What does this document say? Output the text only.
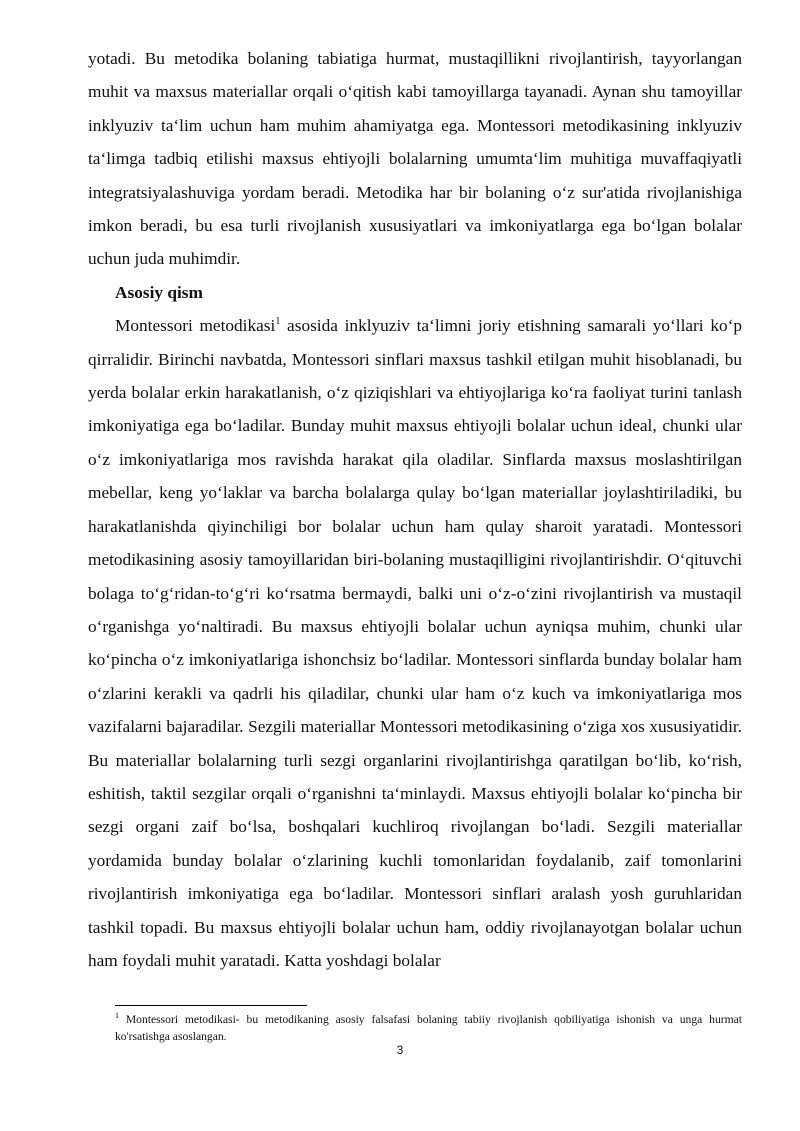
yotadi. Bu metodika bolaning tabiatiga hurmat, mustaqillikni rivojlantirish, tayyorlangan muhit va maxsus materiallar orqali o‘qitish kabi tamoyillarga tayanadi. Aynan shu tamoyillar inklyuziv ta‘lim uchun ham muhim ahamiyatga ega. Montessori metodikasining inklyuziv ta‘limga tadbiq etilishi maxsus ehtiyojli bolalarning umumta‘lim muhitiga muvaffaqiyatli integratsiyalashuviga yordam beradi. Metodika har bir bolaning o‘z sur'atida rivojlanishiga imkon beradi, bu esa turli rivojlanish xususiyatlari va imkoniyatlarga ega bo‘lgan bolalar uchun juda muhimdir.

Asosiy qism

Montessori metodikasi$^1$ asosida inklyuziv ta‘limni joriy etishning samarali yo‘llari ko‘p qirralidir. Birinchi navbatda, Montessori sinflari maxsus tashkil etilgan muhit hisoblanadi, bu yerda bolalar erkin harakatlanish, o‘z qiziqishlari va ehtiyojlariga ko‘ra faoliyat turini tanlash imkoniyatiga ega bo‘ladilar. Bunday muhit maxsus ehtiyojli bolalar uchun ideal, chunki ular o‘z imkoniyatlariga mos ravishda harakat qila oladilar. Sinflarda maxsus moslashtirilgan mebellar, keng yo‘laklar va barcha bolalarga qulay bo‘lgan materiallar joylashtiriladiki, bu harakatlanishda qiyinchiligi bor bolalar uchun ham qulay sharoit yaratadi. Montessori metodikasining asosiy tamoyillaridan biri-bolaning mustaqilligini rivojlantirishdir. O‘qituvchi bolaga to‘g‘ridan-to‘g‘ri ko‘rsatma bermaydi, balki uni o‘z-o‘zini rivojlantirish va mustaqil o‘rganishga yo‘naltiradi. Bu maxsus ehtiyojli bolalar uchun ayniqsa muhim, chunki ular ko‘pincha o‘z imkoniyatlariga ishonchsiz bo‘ladilar. Montessori sinflarda bunday bolalar ham o‘zlarini kerakli va qadrli his qiladilar, chunki ular ham o‘z kuch va imkoniyatlariga mos vazifalarni bajaradilar. Sezgili materiallar Montessori metodikasining o‘ziga xos xususiyatidir. Bu materiallar bolalarning turli sezgi organlarini rivojlantirishga qaratilgan bo‘lib, ko‘rish, eshitish, taktil sezgilar orqali o‘rganishni ta‘minlaydi. Maxsus ehtiyojli bolalar ko‘pincha bir sezgi organi zaif bo‘lsa, boshqalari kuchliroq rivojlangan bo‘ladi. Sezgili materiallar yordamida bunday bolalar o‘zlarining kuchli tomonlaridan foydalanib, zaif tomonlarini rivojlantirish imkoniyatiga ega bo‘ladilar. Montessori sinflari aralash yosh guruhlaridan tashkil topadi. Bu maxsus ehtiyojli bolalar uchun ham, oddiy rivojlanayotgan bolalar uchun ham foydali muhit yaratadi. Katta yoshdagi bolalar

$^1$ Montessori metodikasi- bu metodikaning asosiy falsafasi bolaning tabiiy rivojlanish qobiliyatiga ishonish va unga hurmat ko'rsatishga asoslangan.
3
